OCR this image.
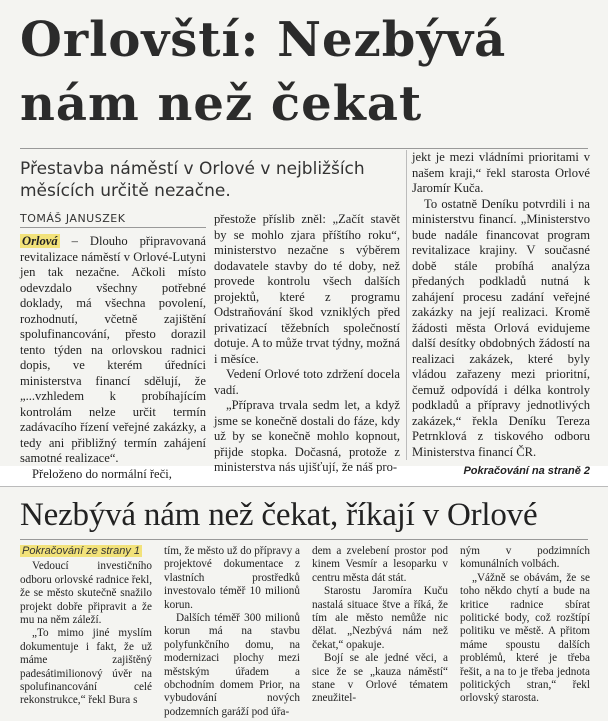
Orlovští: Nezbývá
nám než čekat

Přestavba náměstí v Orlové v nejbližších měsících určitě nezačne.

TOMÁŠ JANUSZEK

Orlová – Dlouho připravovaná revitalizace náměstí v Orlové-Lutyni jen tak nezačne. Ačkoli místo odevzdalo všechny potřebné doklady, má všechna povolení, rozhodnutí, včetně zajištění spolufinancování, přesto dorazil tento týden na orlovskou radnici dopis, ve kterém úředníci ministerstva financí sdělují, že „...vzhledem k probíhajícím kontrolám nelze určit termín zadávacího řízení veřejné zakázky, a tedy ani přibližný termín zahájení samotné realizace“.

Přeloženo do normální řeči,

přestože příslib zněl: „Začít stavět by se mohlo zjara příštího roku“, ministerstvo nezačne s výběrem dodavatele stavby do té doby, než provede kontrolu všech dalších projektů, které z programu Odstraňování škod vzniklých před privatizací těžebních společností dotuje. A to může trvat týdny, možná i měsíce.

Vedení Orlové toto zdržení docela vadí.

„Příprava trvala sedm let, a když jsme se konečně dostali do fáze, kdy už by se konečně mohlo kopnout, přijde stopka. Dočasná, protože z ministerstva nás ujišťují, že náš pro-

jekt je mezi vládními prioritami v našem kraji,“ řekl starosta Orlové Jaromír Kuča.

To ostatně Deníku potvrdili i na ministerstvu financí. „Ministerstvo bude nadále financovat program revitalizace krajiny. V současné době stále probíhá analýza předaných podkladů nutná k zahájení procesu zadání veřejné zakázky na její realizaci. Kromě žádosti města Orlová evidujeme další desítky obdobných žádostí na realizaci zakázek, které byly vládou zařazeny mezi prioritní, čemuž odpovídá i délka kontroly podkladů a přípravy jednotlivých zakázek,“ řekla Deníku Tereza Petrnklová z tiskového odboru Ministerstva financí ČR.

Pokračování na straně 2
Nezbývá nám než čekat, říkají v Orlové
Pokračování ze strany 1

Vedoucí investičního odboru orlovské radnice řekl, že se město skutečně snažilo projekt dobře připravit a že mu na něm záleží.

„To mimo jiné myslím dokumentuje i fakt, že už máme zajištěný padesátimilionový úvěr na spolufinancování celé rekonstrukce,“ řekl Bura s

tím, že město už do přípravy a projektové dokumentace z vlastních prostředků investovalo téměř 10 milionů korun.

Dalších téměř 300 milionů korun má na stavbu polyfunkčního domu, na modernizaci plochy mezi městským úřadem a obchodním domem Prior, na vybudování nových podzemních garáží pod úřa-

dem a zvelebení prostor pod kinem Vesmír a lesoparku v centru města dát stát.

Starostu Jaromíra Kuču nastalá situace štve a říká, že tím ale město nemůže nic dělat. „Nezbývá nám než čekat,“ opakuje.

Bojí se ale jedné věci, a sice že se „kauza náměstí“ stane v Orlové tématem zneužitel-

ným v podzimních komunálních volbách.

„Vážně se obávám, že se toho někdo chytí a bude na kritice radnice sbírat politické body, což rozštípí politiku ve městě. A přitom máme spoustu dalších problémů, které je třeba řešit, a na to je třeba jednota politických stran,“ řekl orlovský starosta.
